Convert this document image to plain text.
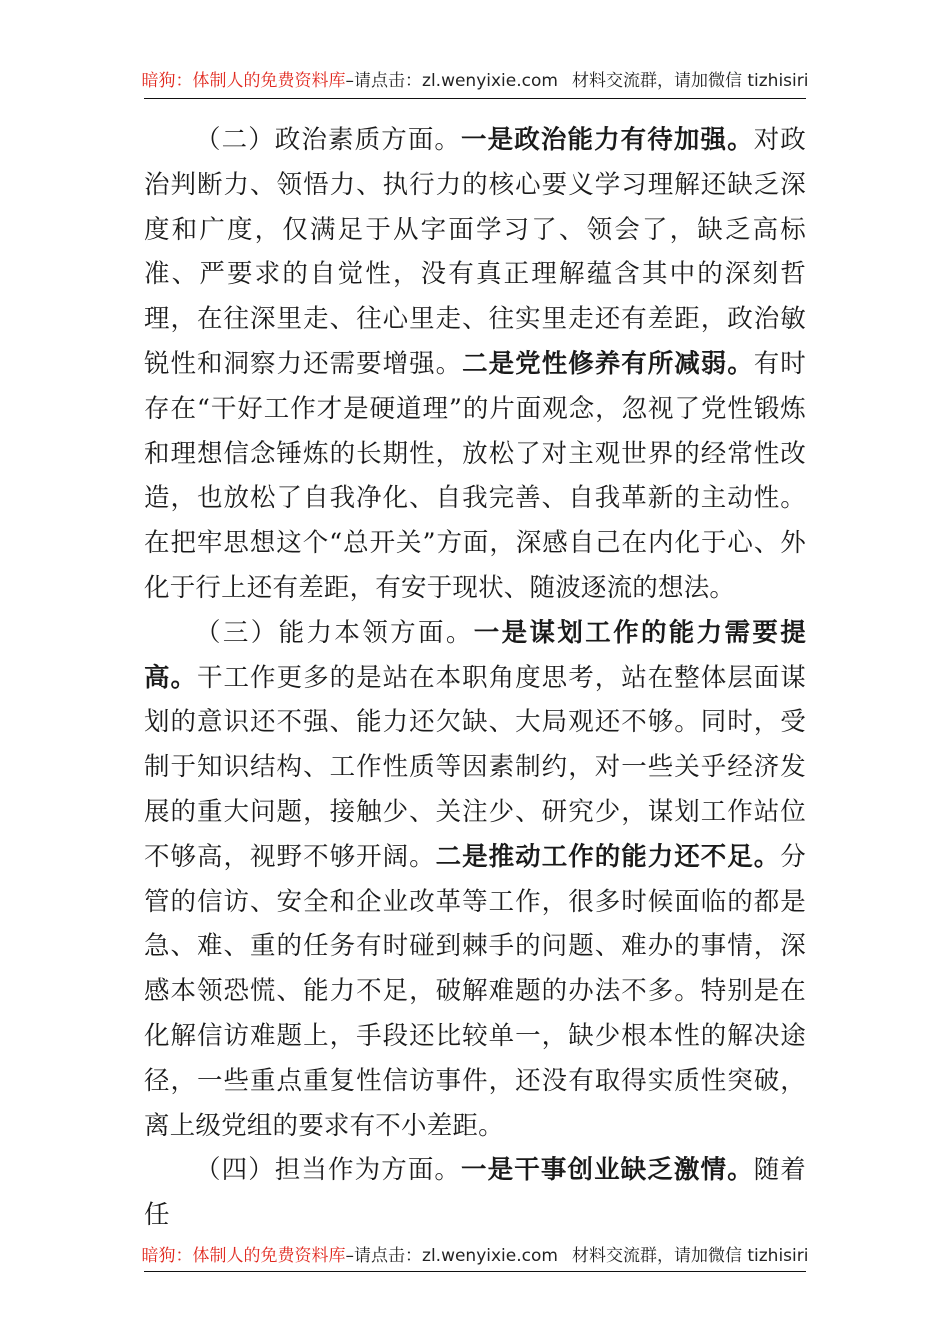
暗狗：体制人的免费资料库–请点击：zl.wenyixie.com 材料交流群，请加微信 tizhisiri

（二）政治素质方面。一是政治能力有待加强。对政治判断力、领悟力、执行力的核心要义学习理解还缺乏深度和广度，仅满足于从字面学习了、领会了，缺乏高标准、严要求的自觉性，没有真正理解蕴含其中的深刻哲理，在往深里走、往心里走、往实里走还有差距，政治敏锐性和洞察力还需要增强。二是党性修养有所减弱。有时存在“干好工作才是硬道理”的片面观念，忽视了党性锻炼和理想信念锤炼的长期性，放松了对主观世界的经常性改造，也放松了自我净化、自我完善、自我革新的主动性。在把牢思想这个“总开关”方面，深感自己在内化于心、外化于行上还有差距，有安于现状、随波逐流的想法。

（三）能力本领方面。一是谋划工作的能力需要提高。干工作更多的是站在本职角度思考，站在整体层面谋划的意识还不强、能力还欠缺、大局观还不够。同时，受制于知识结构、工作性质等因素制约，对一些关乎经济发展的重大问题，接触少、关注少、研究少，谋划工作站位不够高，视野不够开阔。二是推动工作的能力还不足。分管的信访、安全和企业改革等工作，很多时候面临的都是急、难、重的任务有时碰到棘手的问题、难办的事情，深感本领恐慌、能力不足，破解难题的办法不多。特别是在化解信访难题上，手段还比较单一，缺少根本性的解决途径，一些重点重复性信访事件，还没有取得实质性突破，离上级党组的要求有不小差距。

（四）担当作为方面。一是干事创业缺乏激情。随着任

暗狗：体制人的免费资料库–请点击：zl.wenyixie.com 材料交流群，请加微信 tizhisiri
